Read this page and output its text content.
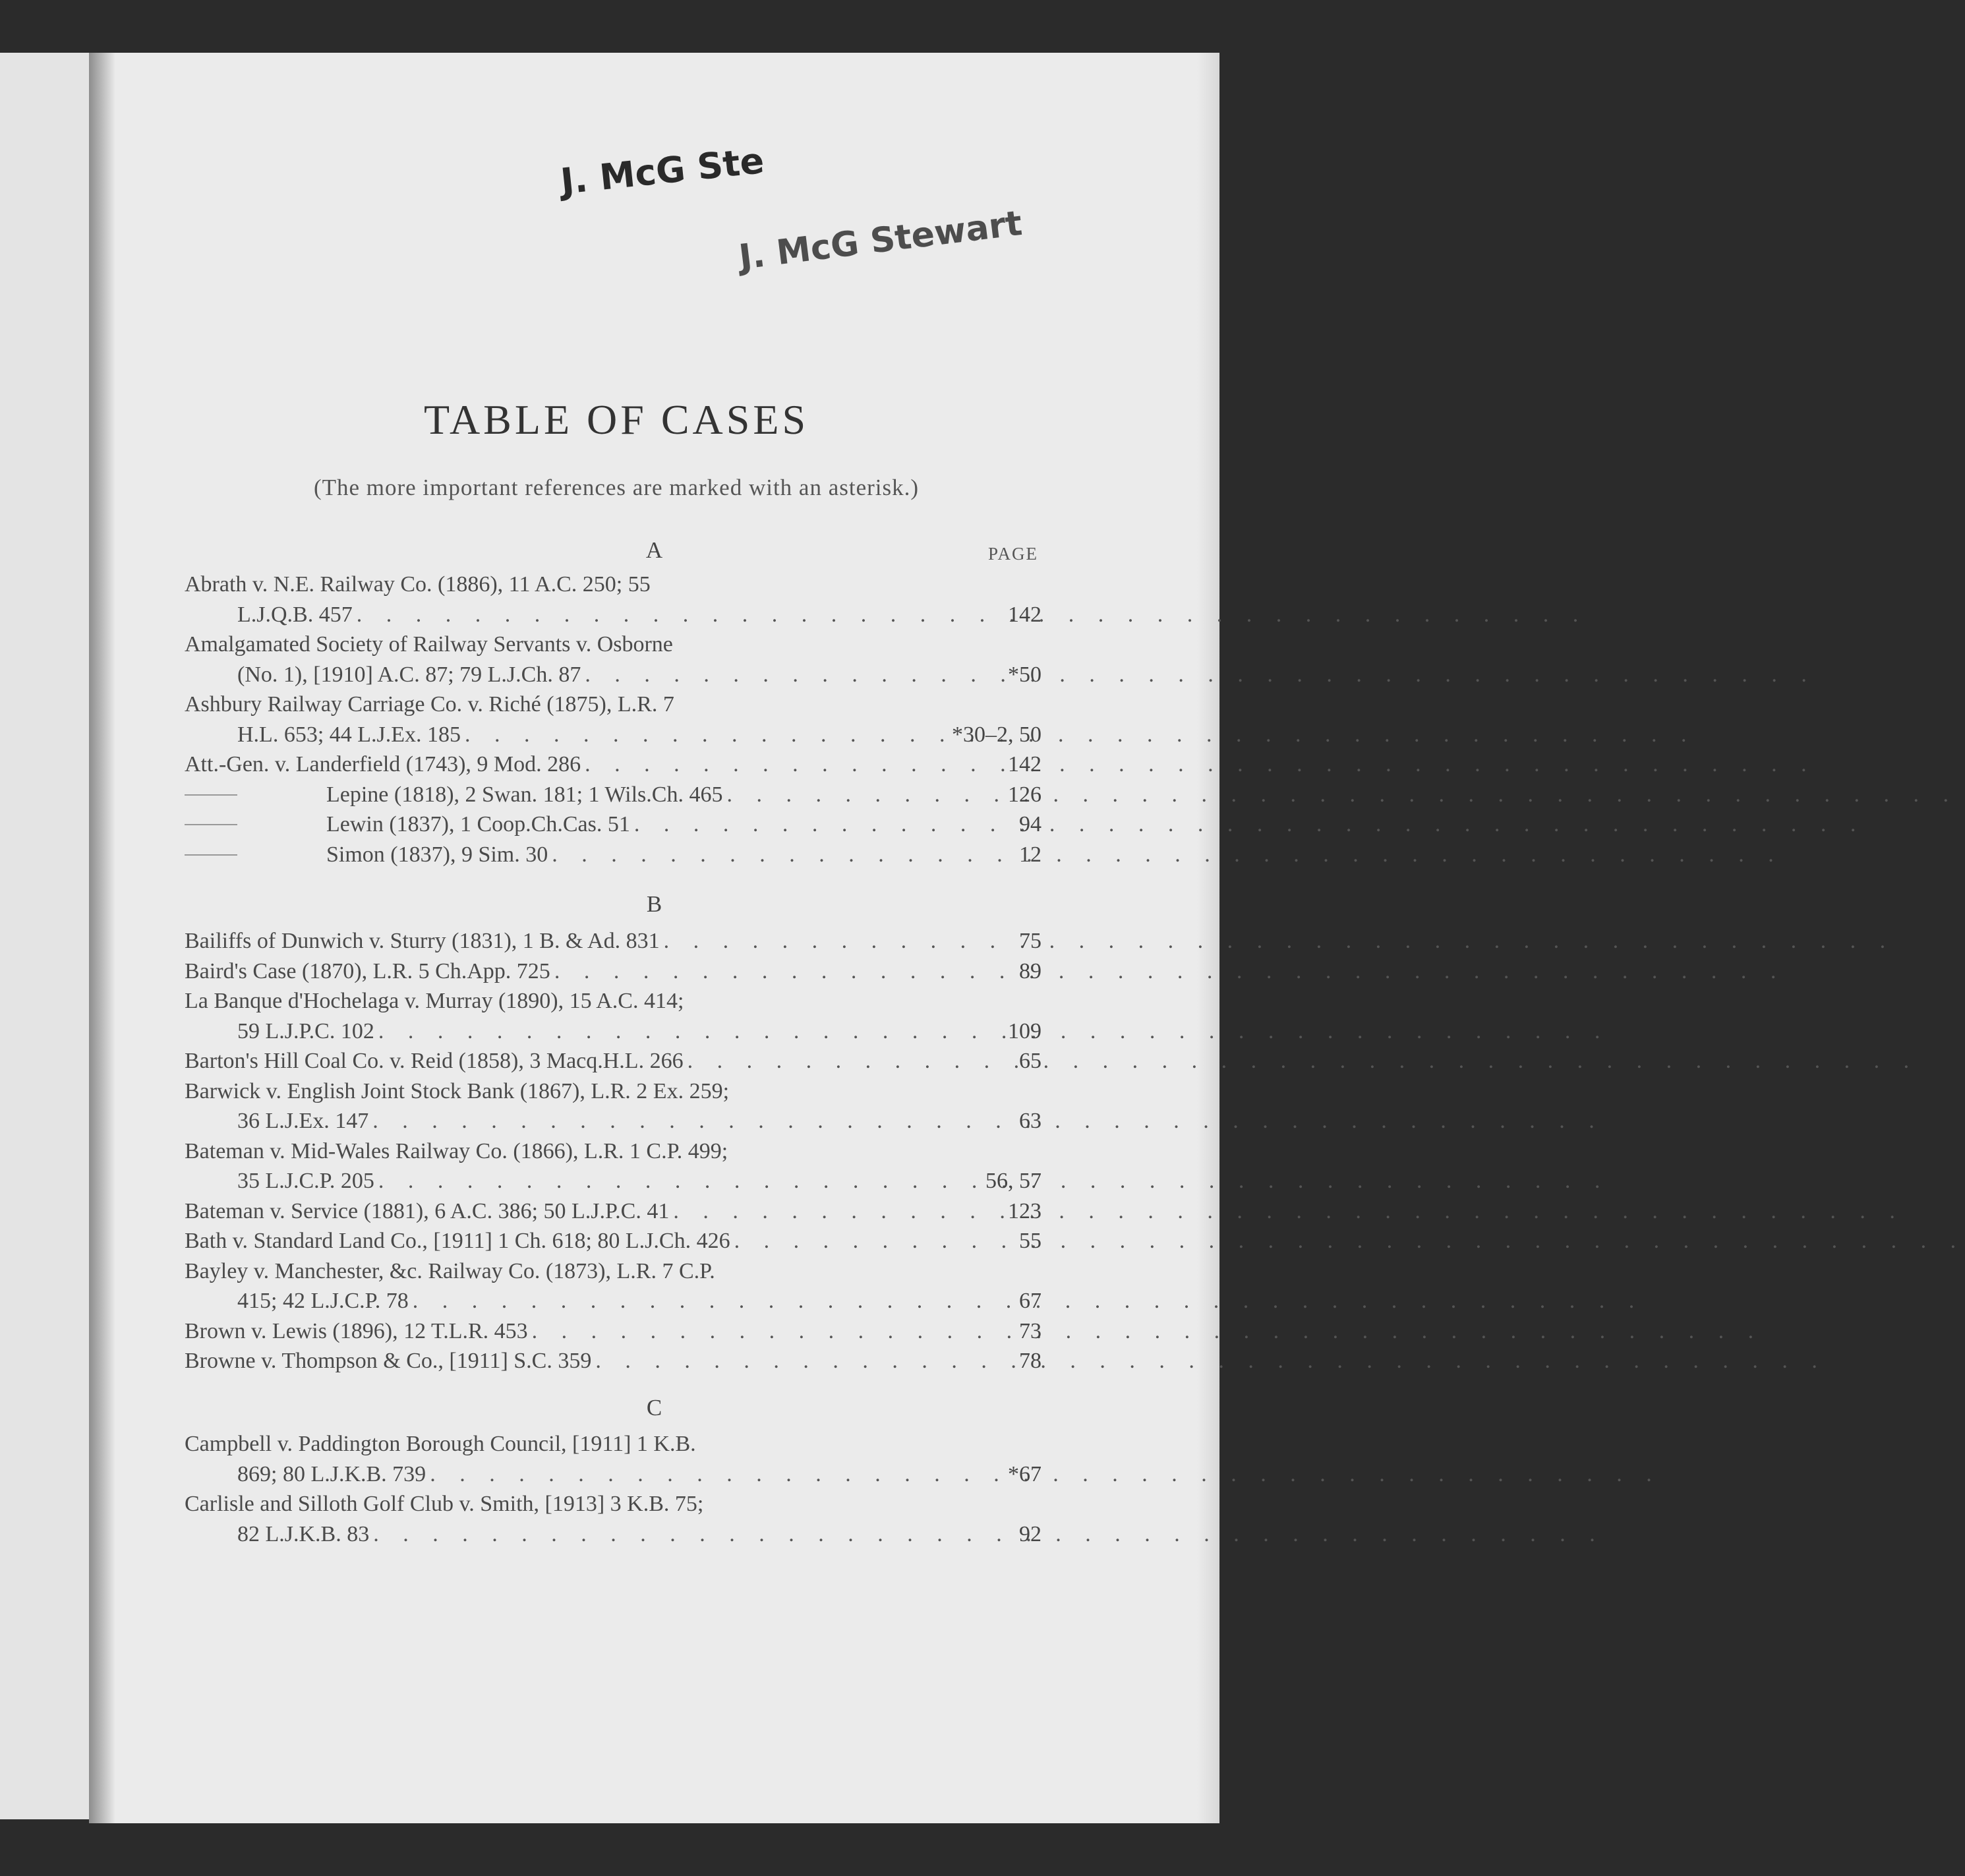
J. McG Ste
J. McG Stewart
TABLE OF CASES
(The more important references are marked with an asterisk.)
PAGE
A
Abrath v. N.E. Railway Co. (1886), 11 A.C. 250; 55
L.J.Q.B. 457 . . .	142
Amalgamated Society of Railway Servants v. Osborne
(No. 1), [1910] A.C. 87; 79 L.J.Ch. 87 . . .	*50
Ashbury Railway Carriage Co. v. Riché (1875), L.R. 7
H.L. 653; 44 L.J.Ex. 185 . . .	*30–2, 50
Att.-Gen. v. Landerfield (1743), 9 Mod. 286 . . .	142
Lepine (1818), 2 Swan. 181; 1 Wils.Ch. 465 . . .	126
Lewin (1837), 1 Coop.Ch.Cas. 51 . . .	94
Simon (1837), 9 Sim. 30 . . .	12
B
Bailiffs of Dunwich v. Sturry (1831), 1 B. & Ad. 831 . . .	75
Baird's Case (1870), L.R. 5 Ch.App. 725 . . .	89
La Banque d'Hochelaga v. Murray (1890), 15 A.C. 414;
59 L.J.P.C. 102 . . .	109
Barton's Hill Coal Co. v. Reid (1858), 3 Macq.H.L. 266 . . .	65
Barwick v. English Joint Stock Bank (1867), L.R. 2 Ex. 259;
36 L.J.Ex. 147 . . .	63
Bateman v. Mid-Wales Railway Co. (1866), L.R. 1 C.P. 499;
35 L.J.C.P. 205 . . .	56, 57
Bateman v. Service (1881), 6 A.C. 386; 50 L.J.P.C. 41 . . .	123
Bath v. Standard Land Co., [1911] 1 Ch. 618; 80 L.J.Ch. 426 . . .	55
Bayley v. Manchester, &c. Railway Co. (1873), L.R. 7 C.P.
415; 42 L.J.C.P. 78 . . .	67
Brown v. Lewis (1896), 12 T.L.R. 453 . . .	73
Browne v. Thompson & Co., [1911] S.C. 359 . . .	78
C
Campbell v. Paddington Borough Council, [1911] 1 K.B.
869; 80 L.J.K.B. 739 . . .	*67
Carlisle and Silloth Golf Club v. Smith, [1913] 3 K.B. 75;
82 L.J.K.B. 83 . . .	92
